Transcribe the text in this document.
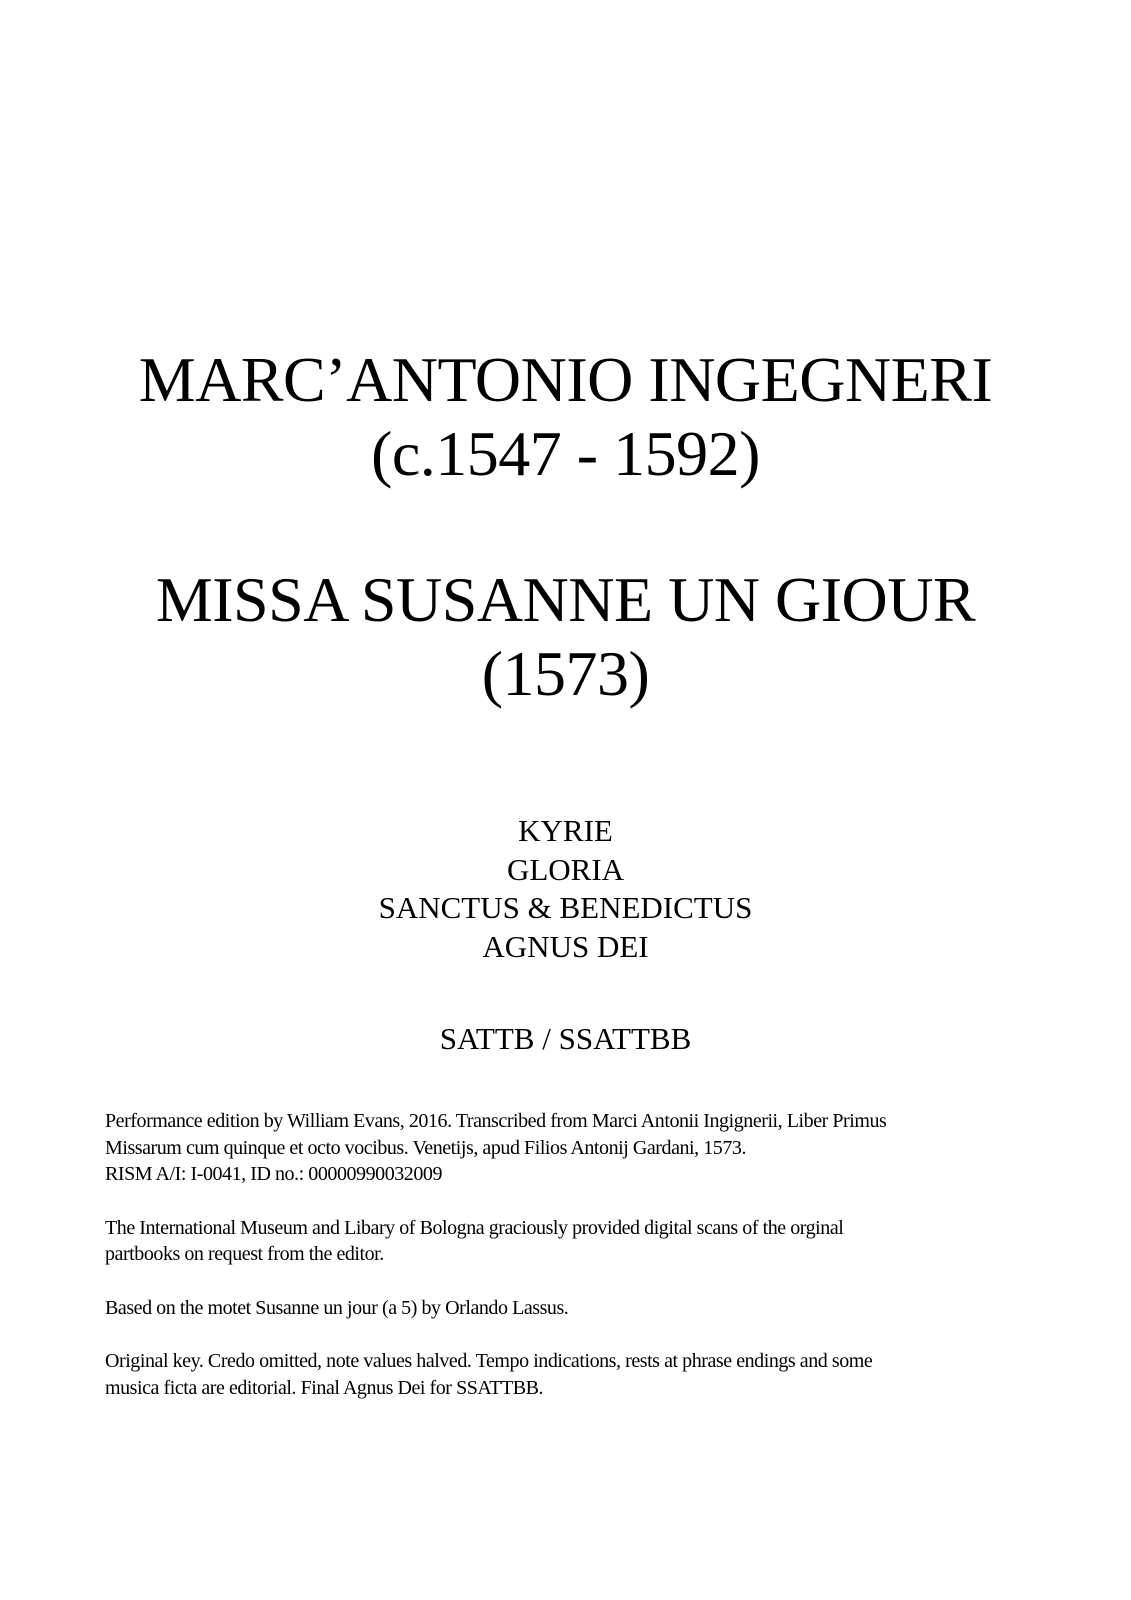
MARC’ANTONIO INGEGNERI
(c.1547 - 1592)
MISSA SUSANNE UN GIOUR
(1573)
KYRIE
GLORIA
SANCTUS & BENEDICTUS
AGNUS DEI
SATTB / SSATTBB

Performance edition by William Evans, 2016. Transcribed from Marci Antonii Ingignerii, Liber Primus
Missarum cum quinque et octo vocibus. Venetijs, apud Filios Antonij Gardani, 1573.
RISM A/I: I-0041, ID no.: 00000990032009

The International Museum and Libary of Bologna graciously provided digital scans of the orginal
partbooks on request from the editor.

Based on the motet Susanne un jour (a 5) by Orlando Lassus.

Original key. Credo omitted, note values halved. Tempo indications, rests at phrase endings and some
musica ficta are editorial. Final Agnus Dei for SSATTBB.
